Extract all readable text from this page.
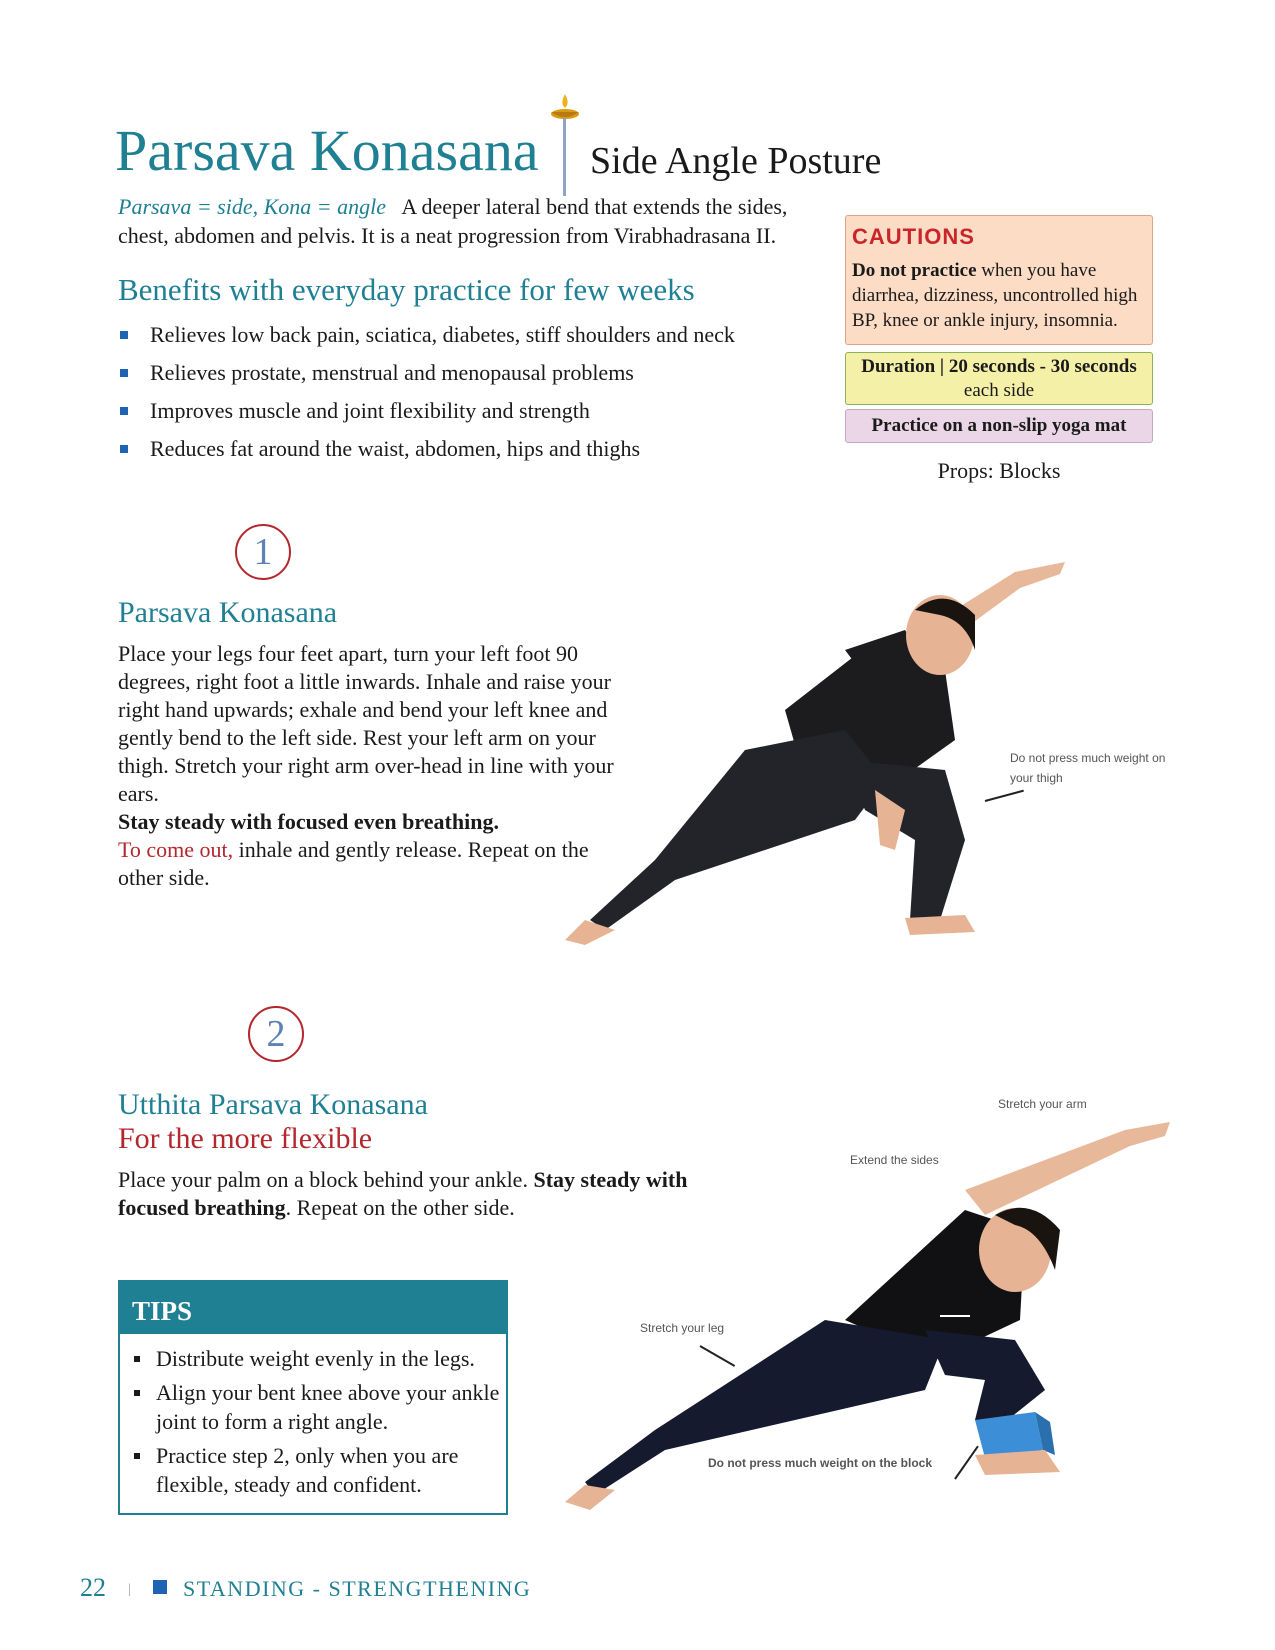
Parsava Konasana Side Angle Posture
Parsava = side, Kona = angle A deeper lateral bend that extends the sides, chest, abdomen and pelvis. It is a neat progression from Virabhadrasana II.
Benefits with everyday practice for few weeks
Relieves low back pain, sciatica, diabetes, stiff shoulders and neck
Relieves prostate, menstrual and menopausal problems
Improves muscle and joint flexibility and strength
Reduces fat around the waist, abdomen, hips and thighs
CAUTIONS
Do not practice when you have diarrhea, dizziness, uncontrolled high BP, knee or ankle injury, insomnia.
Duration | 20 seconds - 30 seconds
each side
Practice on a non-slip yoga mat
Props: Blocks
1
Parsava Konasana
Place your legs four feet apart, turn your left foot 90 degrees, right foot a little inwards. Inhale and raise your right hand upwards; exhale and bend your left knee and gently bend to the left side. Rest your left arm on your thigh. Stretch your right arm over-head in line with your ears.
Stay steady with focused even breathing.
To come out, inhale and gently release. Repeat on the other side.
Do not press much weight on your thigh
2
Utthita Parsava Konasana
For the more flexible
Place your palm on a block behind your ankle. Stay steady with focused breathing. Repeat on the other side.
Stretch your arm
Extend the sides
Stretch your leg
Do not press much weight on the block
TIPS
Distribute weight evenly in the legs.
Align your bent knee above your ankle joint to form a right angle.
Practice step 2, only when you are flexible, steady and confident.
22 | STANDING - STRENGTHENING
